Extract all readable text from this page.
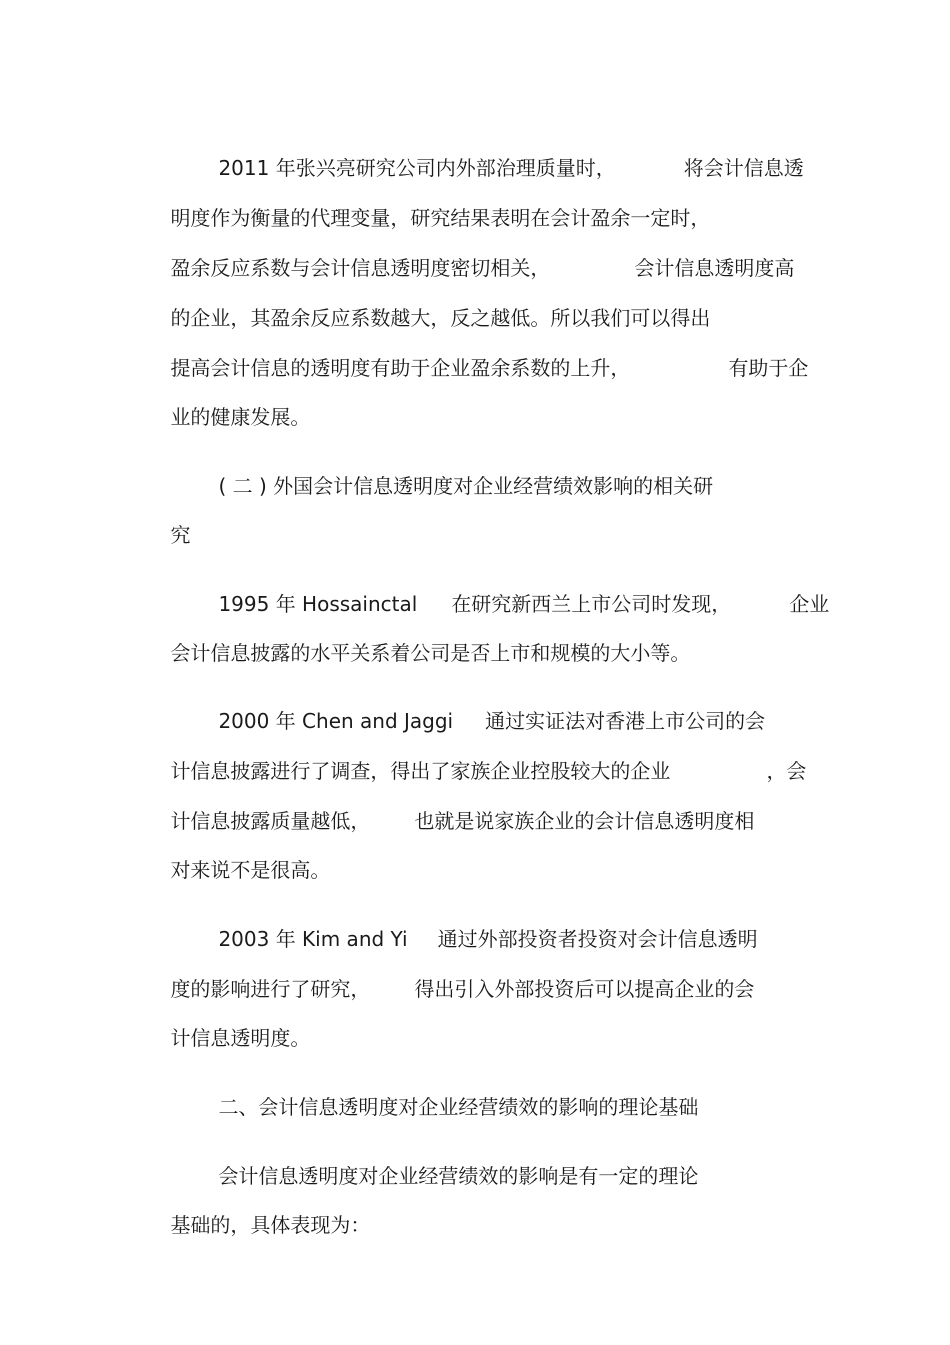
2011 年张兴亮研究公司内外部治理质量时，	将会计信息透

明度作为衡量的代理变量，研究结果表明在会计盈余一定时，

盈余反应系数与会计信息透明度密切相关，	会计信息透明度高

的企业，其盈余反应系数越大，反之越低。所以我们可以得出

提高会计信息的透明度有助于企业盈余系数的上升，	有助于企

业的健康发展。

( 二 ) 外国会计信息透明度对企业经营绩效影响的相关研

究

1995 年 Hossainctal 在研究新西兰上市公司时发现，	企业

会计信息披露的水平关系着公司是否上市和规模的大小等。

2000 年 Chen and Jaggi 通过实证法对香港上市公司的会

计信息披露进行了调查，得出了家族企业控股较大的企业	，会

计信息披露质量越低， 也就是说家族企业的会计信息透明度相

对来说不是很高。

2003 年 Kim and Yi 通过外部投资者投资对会计信息透明

度的影响进行了研究， 得出引入外部投资后可以提高企业的会

计信息透明度。

二、会计信息透明度对企业经营绩效的影响的理论基础

会计信息透明度对企业经营绩效的影响是有一定的理论

基础的，具体表现为：
